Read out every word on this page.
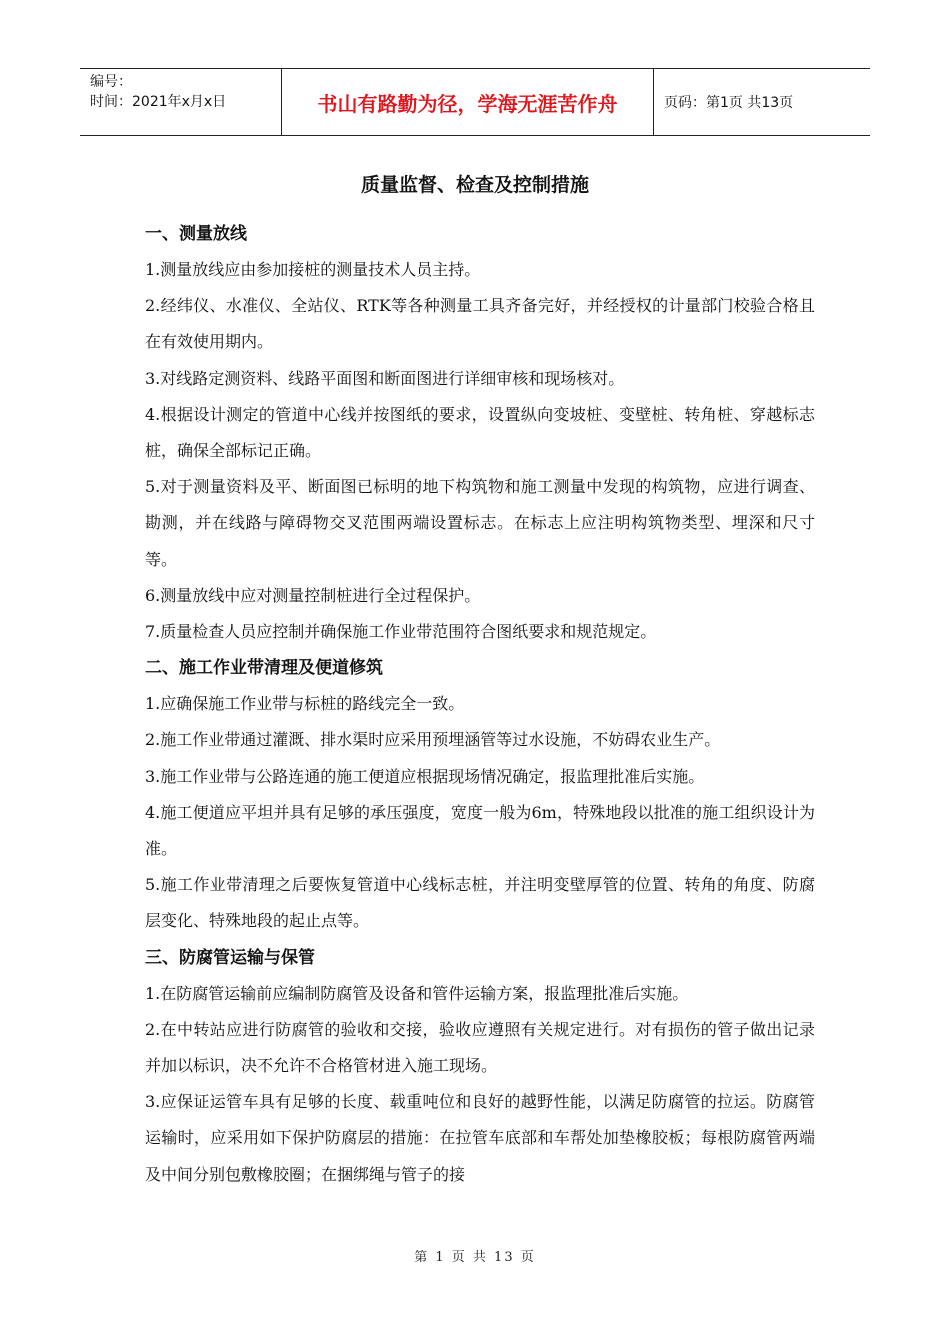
编号：
时间：2021年x月x日	书山有路勤为径，学海无涯苦作舟	页码：第1页 共13页
质量监督、检查及控制措施
一、测量放线

1.测量放线应由参加接桩的测量技术人员主持。

2.经纬仪、水准仪、全站仪、RTK等各种测量工具齐备完好，并经授权的计量部门校验合格且在有效使用期内。

3.对线路定测资料、线路平面图和断面图进行详细审核和现场核对。

4.根据设计测定的管道中心线并按图纸的要求，设置纵向变坡桩、变壁桩、转角桩、穿越标志桩，确保全部标记正确。

5.对于测量资料及平、断面图已标明的地下构筑物和施工测量中发现的构筑物，应进行调查、勘测，并在线路与障碍物交叉范围两端设置标志。在标志上应注明构筑物类型、埋深和尺寸等。

6.测量放线中应对测量控制桩进行全过程保护。

7.质量检查人员应控制并确保施工作业带范围符合图纸要求和规范规定。

二、施工作业带清理及便道修筑

1.应确保施工作业带与标桩的路线完全一致。

2.施工作业带通过灌溉、排水渠时应采用预埋涵管等过水设施，不妨碍农业生产。

3.施工作业带与公路连通的施工便道应根据现场情况确定，报监理批准后实施。

4.施工便道应平坦并具有足够的承压强度，宽度一般为6m，特殊地段以批准的施工组织设计为准。

5.施工作业带清理之后要恢复管道中心线标志桩，并注明变壁厚管的位置、转角的角度、防腐层变化、特殊地段的起止点等。

三、防腐管运输与保管

1.在防腐管运输前应编制防腐管及设备和管件运输方案，报监理批准后实施。

2.在中转站应进行防腐管的验收和交接，验收应遵照有关规定进行。对有损伤的管子做出记录并加以标识，决不允许不合格管材进入施工现场。

3.应保证运管车具有足够的长度、载重吨位和良好的越野性能，以满足防腐管的拉运。防腐管运输时，应采用如下保护防腐层的措施：在拉管车底部和车帮处加垫橡胶板；每根防腐管两端及中间分别包敷橡胶圈；在捆绑绳与管子的接

第 1 页 共 13 页
